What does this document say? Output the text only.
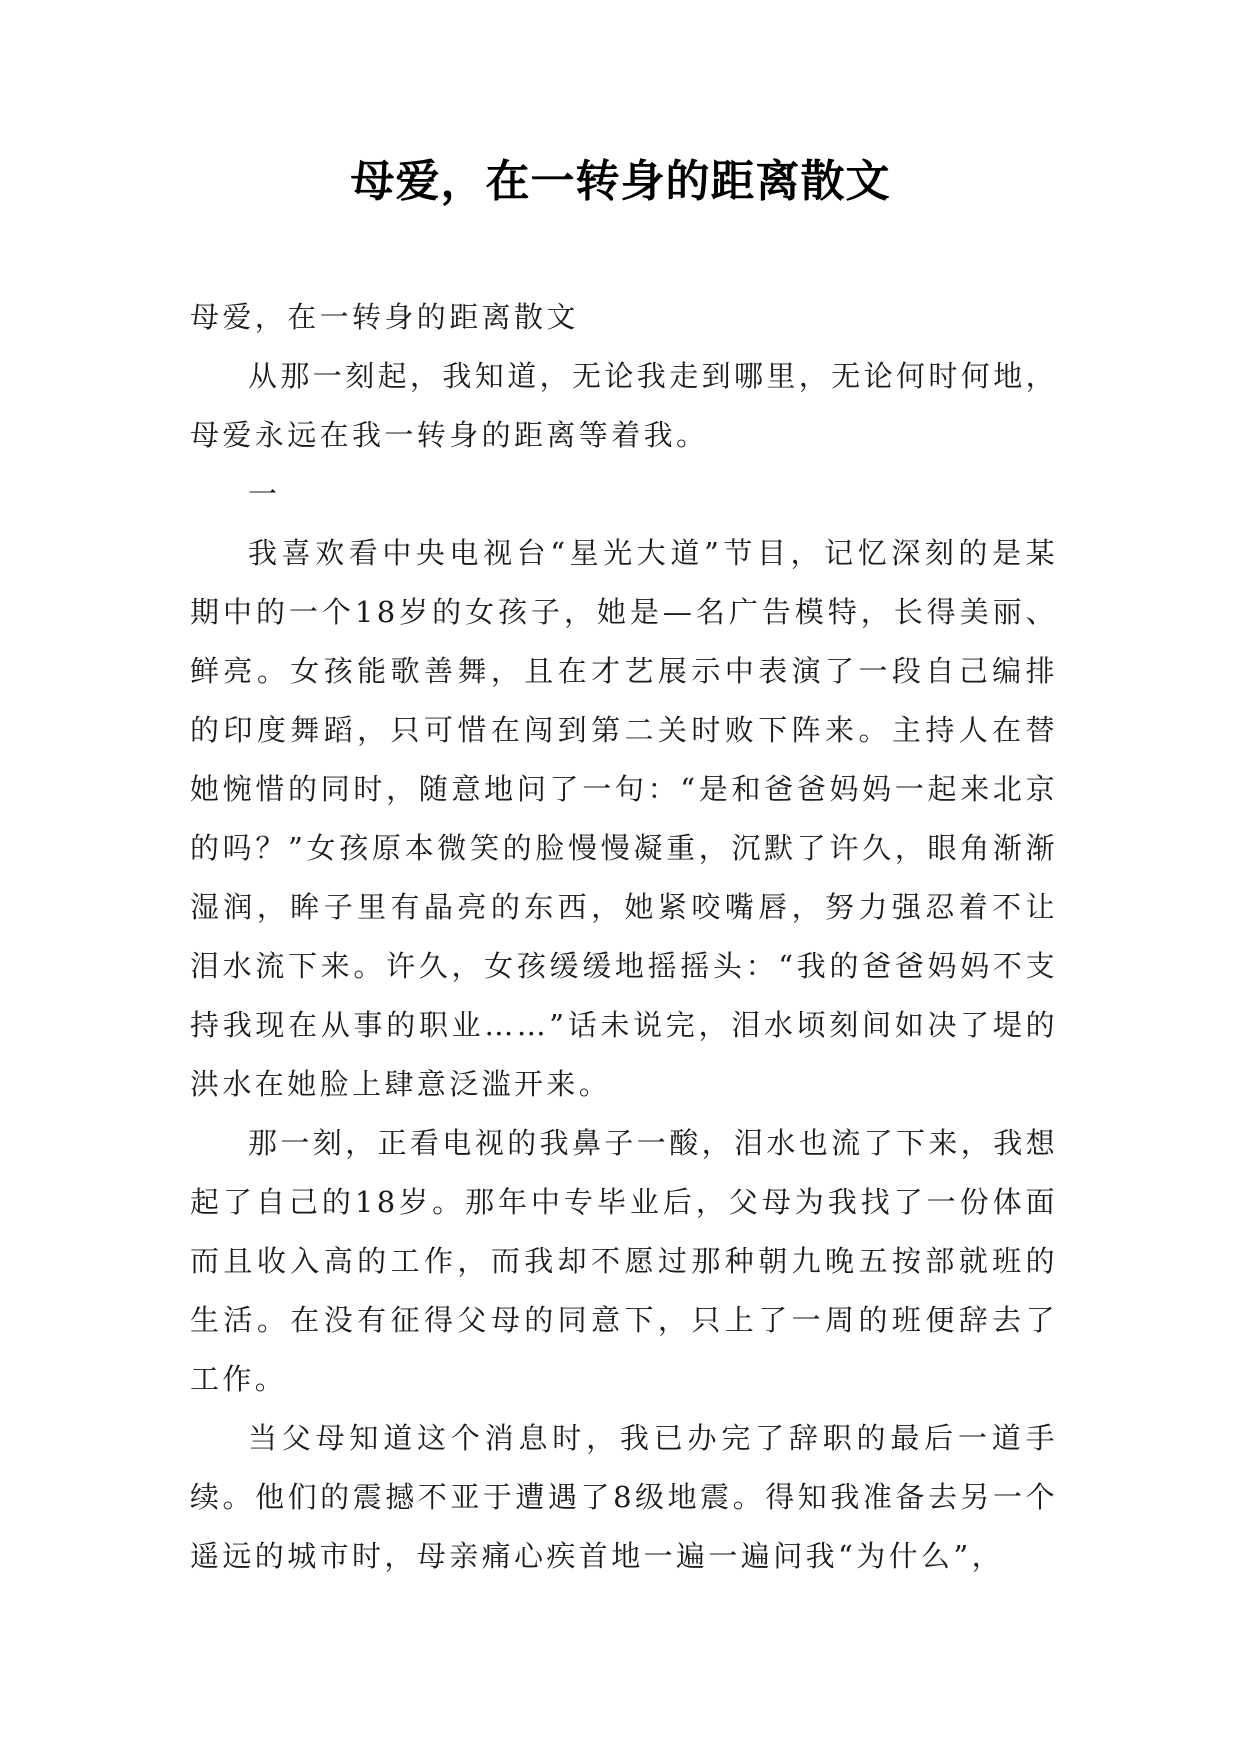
母爱，在一转身的距离散文

母爱，在一转身的距离散文

从那一刻起，我知道，无论我走到哪里，无论何时何地，母爱永远在我一转身的距离等着我。

一

我喜欢看中央电视台“星光大道”节目，记忆深刻的是某期中的一个18岁的女孩子，她是—名广告模特，长得美丽、鲜亮。女孩能歌善舞，且在才艺展示中表演了一段自己编排的印度舞蹈，只可惜在闯到第二关时败下阵来。主持人在替她惋惜的同时，随意地问了一句：“是和爸爸妈妈一起来北京的吗？”女孩原本微笑的脸慢慢凝重，沉默了许久，眼角渐渐湿润，眸子里有晶亮的东西，她紧咬嘴唇，努力强忍着不让泪水流下来。许久，女孩缓缓地摇摇头：“我的爸爸妈妈不支持我现在从事的职业……”话未说完，泪水顷刻间如决了堤的洪水在她脸上肆意泛滥开来。

那一刻，正看电视的我鼻子一酸，泪水也流了下来，我想起了自己的18岁。那年中专毕业后，父母为我找了一份体面而且收入高的工作，而我却不愿过那种朝九晚五按部就班的生活。在没有征得父母的同意下，只上了一周的班便辞去了工作。

当父母知道这个消息时，我已办完了辞职的最后一道手续。他们的震撼不亚于遭遇了8级地震。得知我准备去另一个遥远的城市时，母亲痛心疾首地一遍一遍问我“为什么”，
